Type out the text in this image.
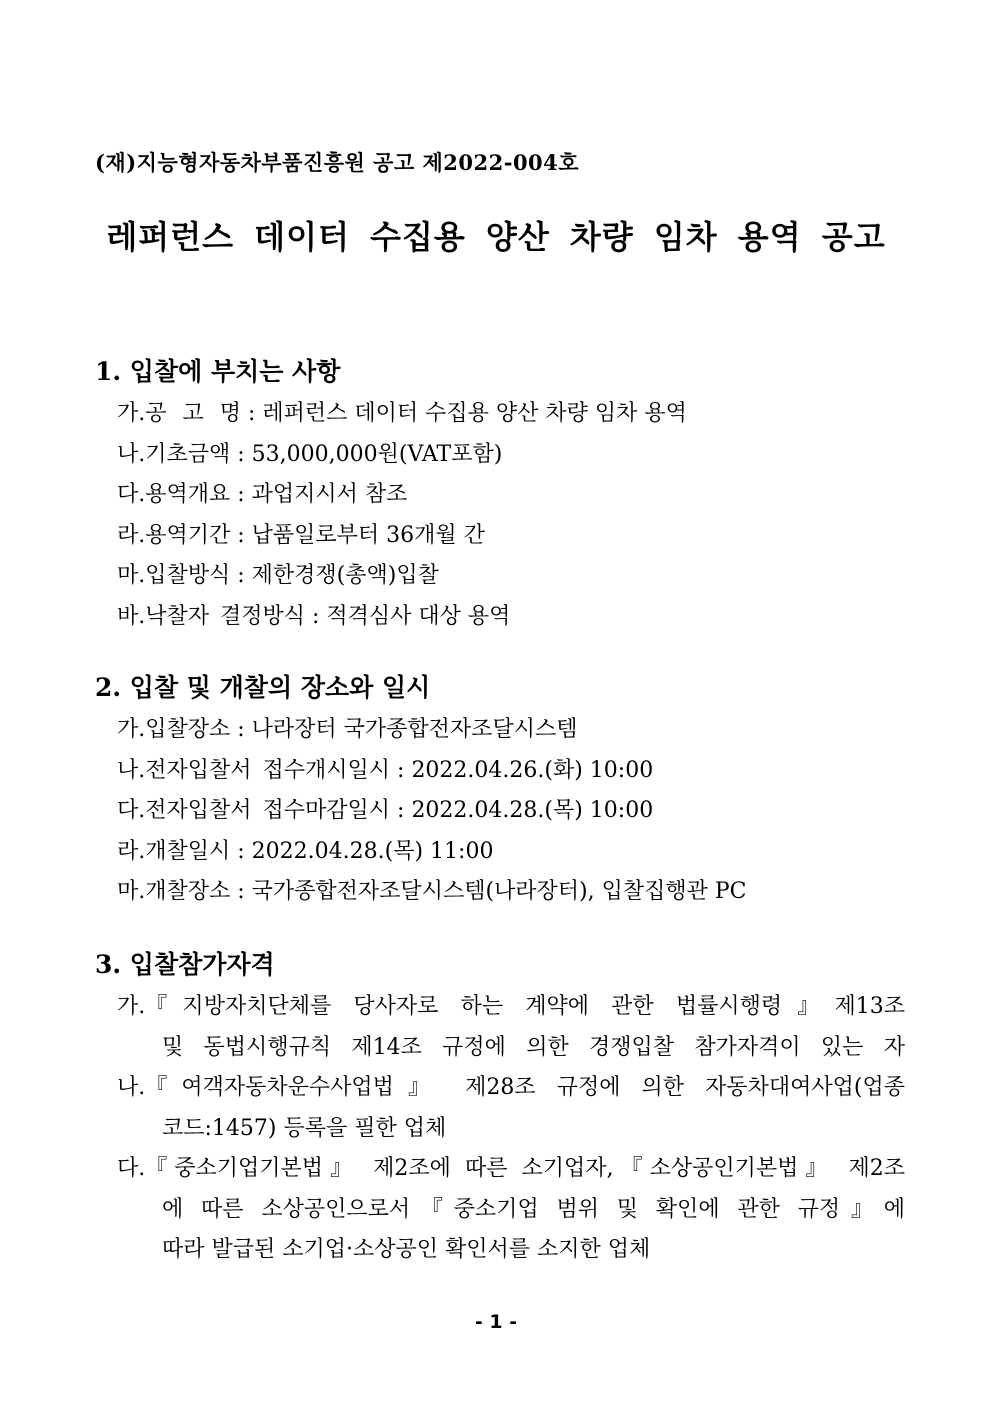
(재)지능형자동차부품진흥원 공고 제2022-004호
레퍼런스 데이터 수집용 양산 차량 임차 용역 공고
1. 입찰에 부치는 사항
가. 공 고 명 : 레퍼런스 데이터 수집용 양산 차량 임차 용역
나. 기초금액 : 53,000,000원(VAT포함)
다. 용역개요 : 과업지시서 참조
라. 용역기간 : 납품일로부터 36개월 간
마. 입찰방식 : 제한경쟁(총액)입찰
바. 낙찰자 결정방식 : 적격심사 대상 용역
2. 입찰 및 개찰의 장소와 일시
가. 입찰장소 : 나라장터 국가종합전자조달시스템
나. 전자입찰서 접수개시일시 : 2022.04.26.(화) 10:00
다. 전자입찰서 접수마감일시 : 2022.04.28.(목) 10:00
라. 개찰일시 : 2022.04.28.(목) 11:00
마. 개찰장소 : 국가종합전자조달시스템(나라장터), 입찰집행관 PC
3. 입찰참가자격
가. 『지방자치단체를 당사자로 하는 계약에 관한 법률시행령』제13조
및 동법시행규칙 제14조 규정에 의한 경쟁입찰 참가자격이 있는 자
나. 『여객자동차운수사업법』 제28조 규정에 의한 자동차대여사업(업종
코드:1457) 등록을 필한 업체
다. 『중소기업기본법』 제2조에 따른 소기업자,『소상공인기본법』 제2조
에 따른 소상공인으로서『중소기업 범위 및 확인에 관한 규정』에
따라 발급된 소기업·소상공인 확인서를 소지한 업체
- 1 -
